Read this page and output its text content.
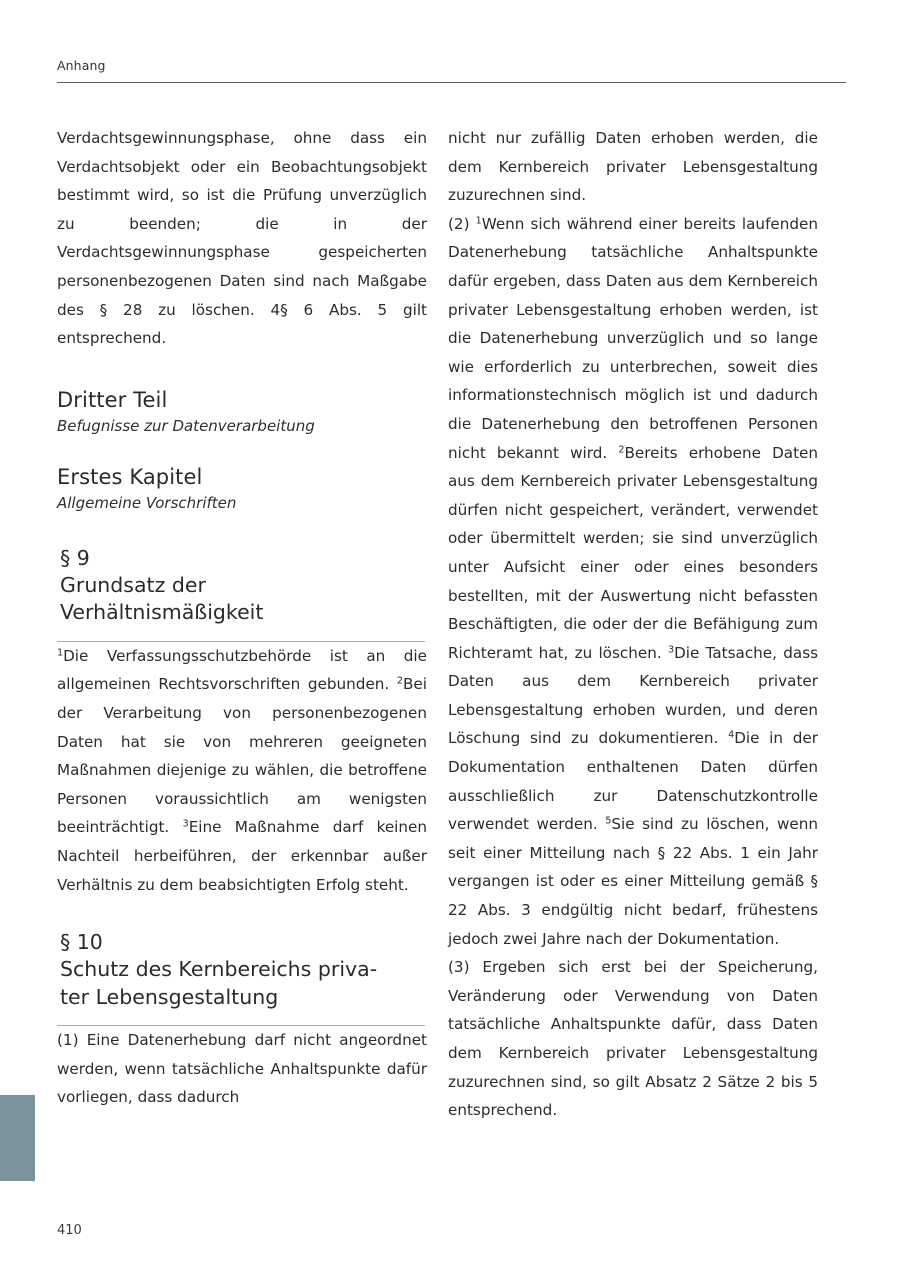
Anhang

Verdachtsgewinnungsphase, ohne dass ein Verdachtsobjekt oder ein Beobachtungsobjekt bestimmt wird, so ist die Prüfung unverzüglich zu beenden; die in der Verdachtsgewinnungsphase gespeicherten personenbezogenen Daten sind nach Maßgabe des § 28 zu löschen. 4§ 6 Abs. 5 gilt entsprechend.

Dritter Teil

Befugnisse zur Datenverarbeitung

Erstes Kapitel

Allgemeine Vorschriften

§ 9

Grundsatz der

Verhältnismäßigkeit

$^1$Die Verfassungsschutzbehörde ist an die allgemeinen Rechtsvorschriften gebunden. $^2$Bei der Verarbeitung von personenbezogenen Daten hat sie von mehreren geeigneten Maßnahmen diejenige zu wählen, die betroffene Personen voraussichtlich am wenigsten beeinträchtigt. $^3$Eine Maßnahme darf keinen Nachteil herbeiführen, der erkennbar außer Verhältnis zu dem beabsichtigten Erfolg steht.

§ 10

Schutz des Kernbereichs priva-

ter Lebensgestaltung

(1) Eine Datenerhebung darf nicht angeordnet werden, wenn tatsächliche Anhaltspunkte dafür vorliegen, dass dadurch

nicht nur zufällig Daten erhoben werden, die dem Kernbereich privater Lebensgestaltung zuzurechnen sind.

(2) $^1$Wenn sich während einer bereits laufenden Datenerhebung tatsächliche Anhaltspunkte dafür ergeben, dass Daten aus dem Kernbereich privater Lebensgestaltung erhoben werden, ist die Datenerhebung unverzüglich und so lange wie erforderlich zu unterbrechen, soweit dies informationstechnisch möglich ist und dadurch die Datenerhebung den betroffenen Personen nicht bekannt wird. $^2$Bereits erhobene Daten aus dem Kernbereich privater Lebensgestaltung dürfen nicht gespeichert, verändert, verwendet oder übermittelt werden; sie sind unverzüglich unter Aufsicht einer oder eines besonders bestellten, mit der Auswertung nicht befassten Beschäftigten, die oder der die Befähigung zum Richteramt hat, zu löschen. $^3$Die Tatsache, dass Daten aus dem Kernbereich privater Lebensgestaltung erhoben wurden, und deren Löschung sind zu dokumentieren. $^4$Die in der Dokumentation enthaltenen Daten dürfen ausschließlich zur Datenschutzkontrolle verwendet werden. $^5$Sie sind zu löschen, wenn seit einer Mitteilung nach § 22 Abs. 1 ein Jahr vergangen ist oder es einer Mitteilung gemäß § 22 Abs. 3 endgültig nicht bedarf, frühestens jedoch zwei Jahre nach der Dokumentation.

(3) Ergeben sich erst bei der Speicherung, Veränderung oder Verwendung von Daten tatsächliche Anhaltspunkte dafür, dass Daten dem Kernbereich privater Lebensgestaltung zuzurechnen sind, so gilt Absatz 2 Sätze 2 bis 5 entsprechend.

410
